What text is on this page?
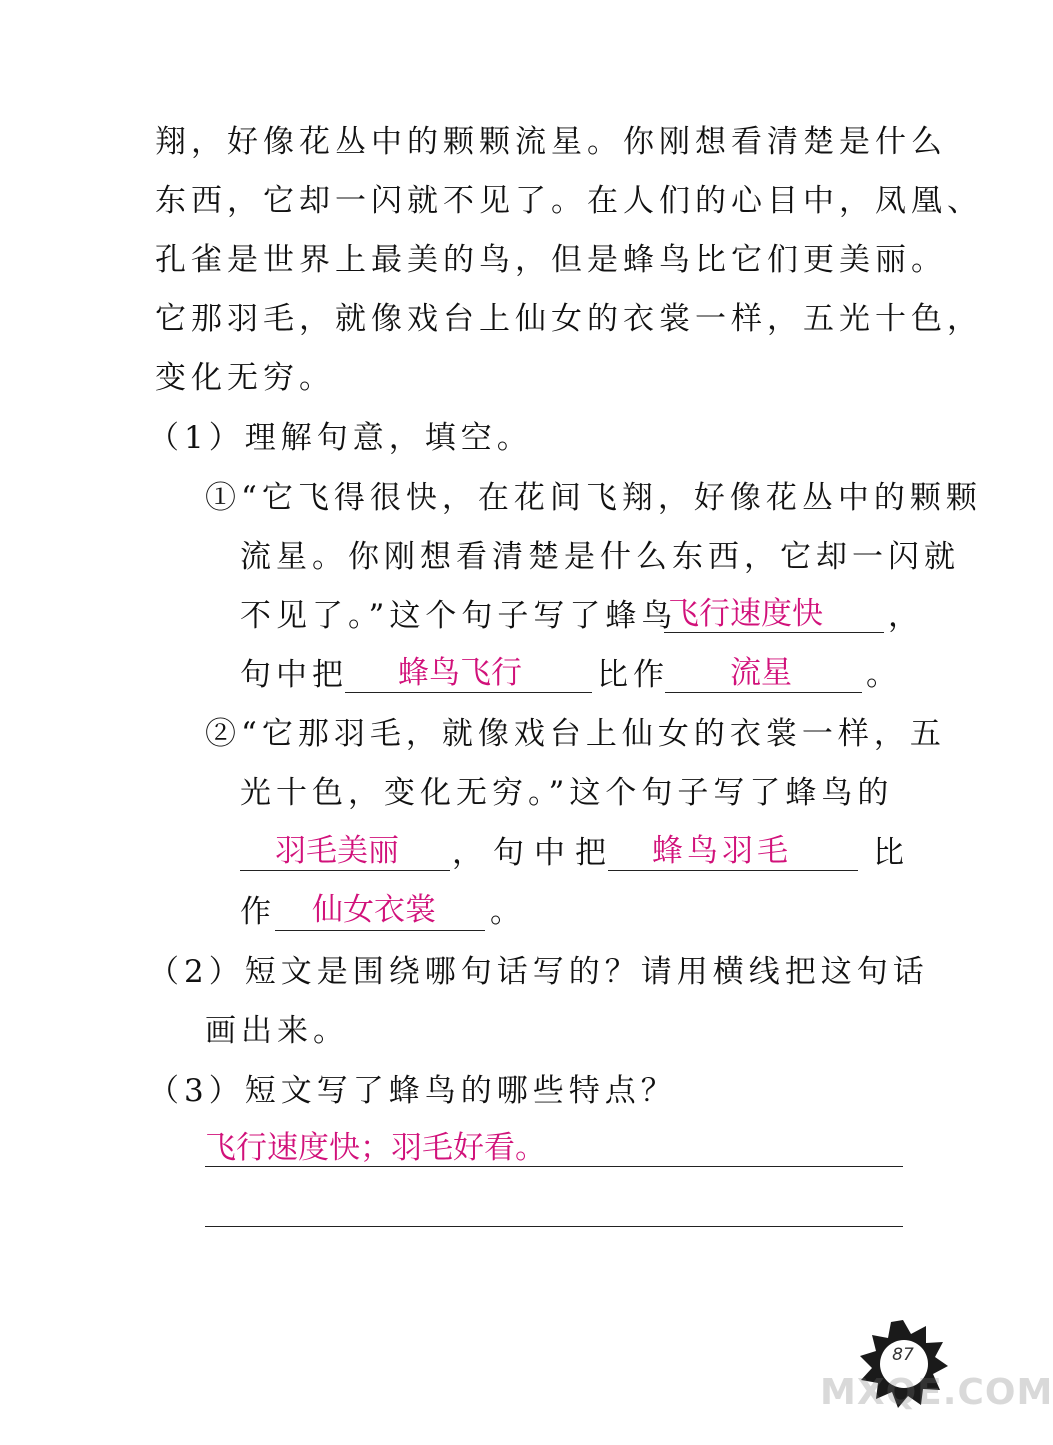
翔，好像花丛中的颗颗流星。你刚想看清楚是什么
东西，它却一闪就不见了。在人们的心目中，凤凰、
孔雀是世界上最美的鸟，但是蜂鸟比它们更美丽。
它那羽毛，就像戏台上仙女的衣裳一样，五光十色，
变化无穷。
（1）理解句意，填空。
①“它飞得很快，在花间飞翔，好像花丛中的颗颗
流星。你刚想看清楚是什么东西，它却一闪就
不见了。”这个句子写了蜂鸟
飞行速度快 ，
句中把 蜂鸟飞行 比作 流星 。
②“它那羽毛，就像戏台上仙女的衣裳一样，五
光十色，变化无穷。”这个句子写了蜂鸟的
羽毛美丽 ，句中把 蜂鸟羽毛	比
作 仙女衣裳 。
（2）短文是围绕哪句话写的？请用横线把这句话
画出来。
（3）短文写了蜂鸟的哪些特点？
飞行速度快；羽毛好看。
87
MXQE.COM
